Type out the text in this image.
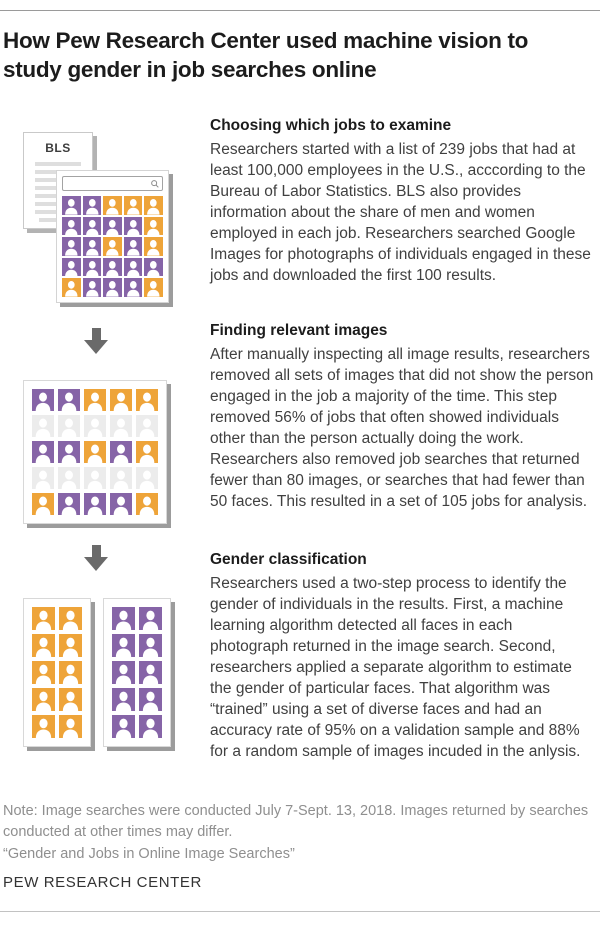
How Pew Research Center used machine vision to study gender in job searches online
BLS
Choosing which jobs to examine

Researchers started with a list of 239 jobs that had at least 100,000 employees in the U.S., acccording to the Bureau of Labor Statistics. BLS also provides information about the share of men and women employed in each job. Researchers searched Google Images for photographs of individuals engaged in these jobs and downloaded the first 100 results.

Finding relevant images

After manually inspecting all image results, researchers removed all sets of images that did not show the person engaged in the job a majority of the time. This step removed 56% of jobs that often showed individuals other than the person actually doing the work. Researchers also removed job searches that returned fewer than 80 images, or searches that had fewer than 50 faces. This resulted in a set of 105 jobs for analysis.

Gender classification

Researchers used a two-step process to identify the gender of individuals in the results. First, a machine learning algorithm detected all faces in each photograph returned in the image search. Second, researchers applied a separate algorithm to estimate the gender of particular faces. That algorithm was “trained” using a set of diverse faces and had an accuracy rate of 95% on a validation sample and 88% for a random sample of images incuded in the anlysis.

Note: Image searches were conducted July 7-Sept. 13, 2018. Images returned by searches conducted at other times may differ.

“Gender and Jobs in Online Image Searches”

PEW RESEARCH CENTER
